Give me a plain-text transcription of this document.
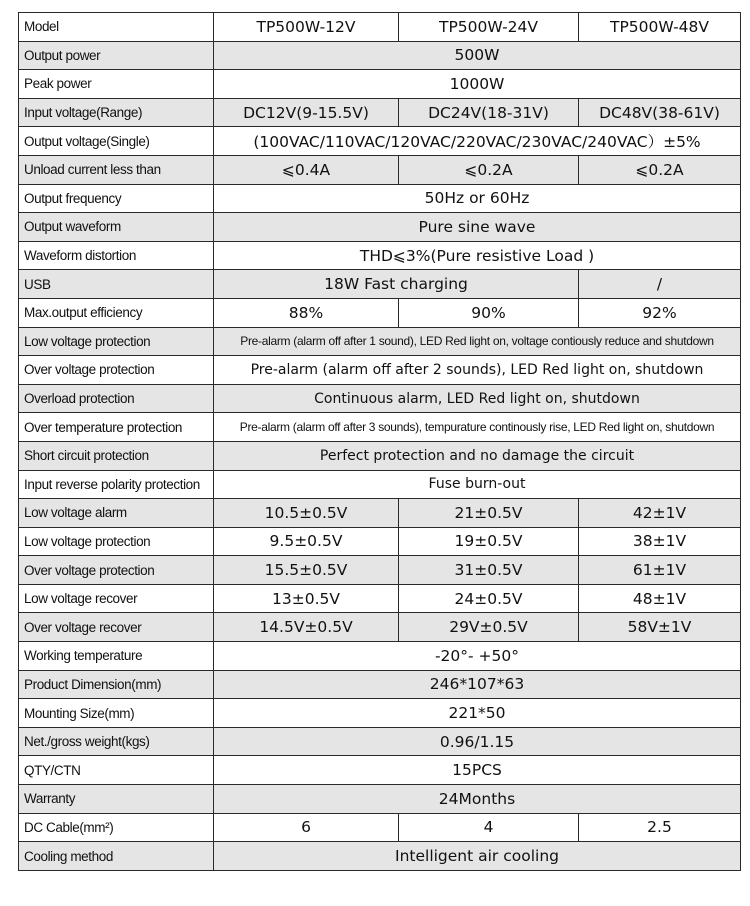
Model	TP500W-12V	TP500W-24V	TP500W-48V
Output power	500W		
Peak power	1000W		
Input voltage(Range)	DC12V(9-15.5V)	DC24V(18-31V)	DC48V(38-61V)
Output voltage(Single)	(100VAC/110VAC/120VAC/220VAC/230VAC/240VAC）±5%		
Unload current less than	⩽0.4A	⩽0.2A	⩽0.2A
Output frequency	50Hz or 60Hz		
Output waveform	Pure sine wave		
Waveform distortion	THD⩽3%(Pure resistive Load )		
USB	18W Fast charging		/
Max.output efficiency	88%	90%	92%
Low voltage protection	Pre-alarm (alarm off after 1 sound), LED Red light on, voltage contiously reduce and shutdown		
Over voltage protection	Pre-alarm (alarm off after 2 sounds), LED Red light on, shutdown		
Overload protection	Continuous alarm, LED Red light on, shutdown		
Over temperature protection	Pre-alarm (alarm off after 3 sounds), tempurature continously rise, LED Red light on, shutdown		
Short circuit protection	Perfect protection and no damage the circuit		
Input reverse polarity protection	Fuse burn-out		
Low voltage alarm	10.5±0.5V	21±0.5V	42±1V
Low voltage protection	9.5±0.5V	19±0.5V	38±1V
Over voltage protection	15.5±0.5V	31±0.5V	61±1V
Low voltage recover	13±0.5V	24±0.5V	48±1V
Over voltage recover	14.5V±0.5V	29V±0.5V	58V±1V
Working temperature	-20°- +50°		
Product Dimension(mm)	246*107*63		
Mounting Size(mm)	221*50		
Net./gross weight(kgs)	0.96/1.15		
QTY/CTN	15PCS		
Warranty	24Months		
DC Cable(mm²)	6	4	2.5
Cooling method	Intelligent air cooling		
